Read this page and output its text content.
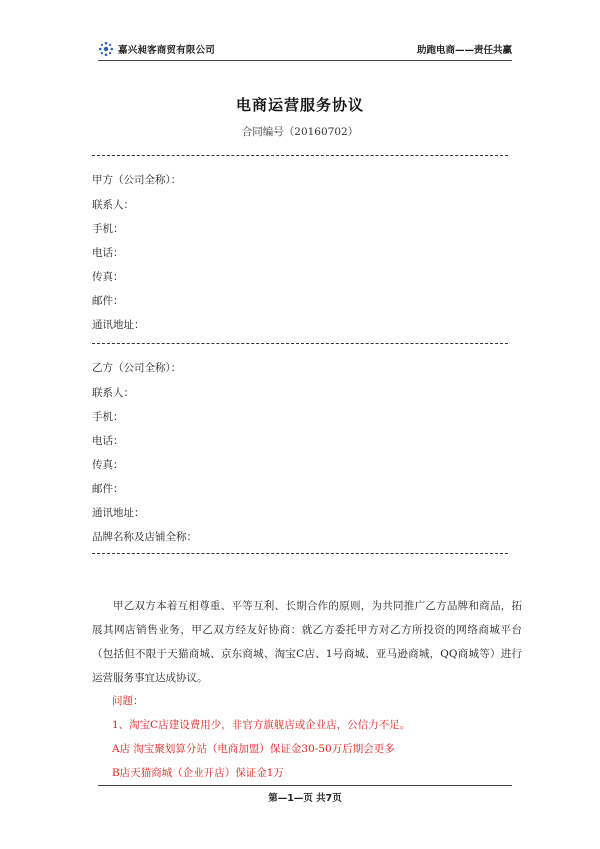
嘉兴昶客商贸有限公司	助跑电商——责任共赢
电商运营服务协议
合同编号（20160702）
甲方（公司全称）：
联系人：
手机：
电话：
传真：
邮件：
通讯地址：
乙方（公司全称）：
联系人：
手机：
电话：
传真：
邮件：
通讯地址：
品牌名称及店铺全称：
甲乙双方本着互相尊重、平等互利、长期合作的原则，为共同推广乙方品牌和商品，拓展其网店销售业务，甲乙双方经友好协商：就乙方委托甲方对乙方所投资的网络商城平台（包括但不限于天猫商城、京东商城、淘宝C店、1号商城、亚马逊商城，QQ商城等）进行运营服务事宜达成协议。
问题：
1、淘宝C店建设费用少，非官方旗舰店或企业店，公信力不足。
A店 淘宝聚划算分站（电商加盟）保证金30-50万后期会更多
B店天猫商城（企业开店）保证金1万
第—1—页 共7页
